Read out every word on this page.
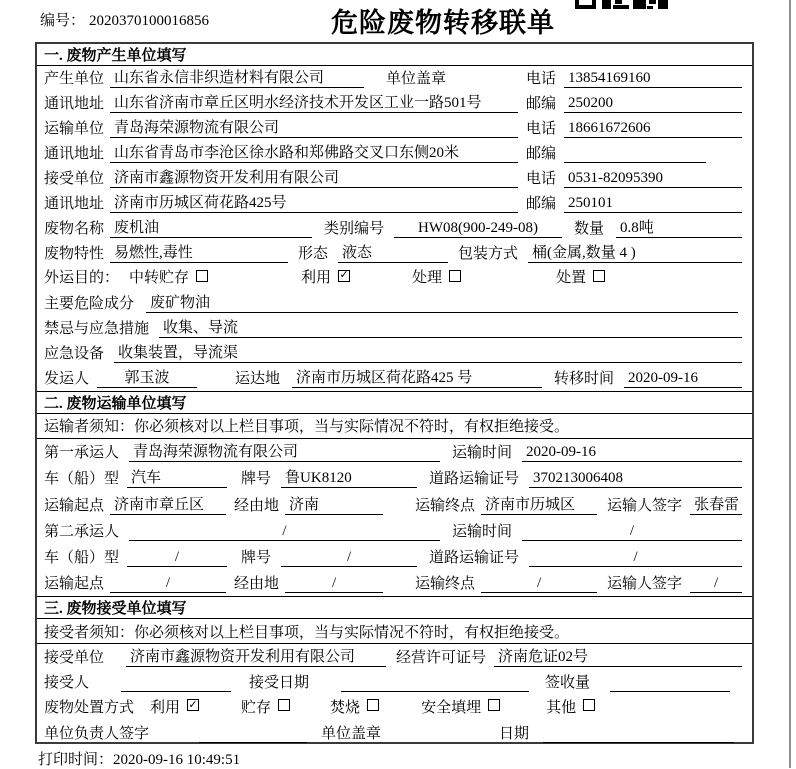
编号： 2020370100016856	危险废物转移联单
一. 废物产生单位填写
产生单位 山东省永信非织造材料有限公司	单位盖章	电话 13854169160
通讯地址 山东省济南市章丘区明水经济技术开发区工业一路501号	邮编 250200
运输单位 青岛海荣源物流有限公司	电话 18661672606
通讯地址 山东省青岛市李沧区徐水路和郑佛路交叉口东侧20米	邮编
接受单位 济南市鑫源物资开发利用有限公司	电话 0531-82095390
通讯地址 济南市历城区荷花路425号	邮编 250101
废物名称 废机油	类别编号	HW08(900-249-08)	数量 0.8吨
废物特性 易燃性,毒性	形态 液态	包装方式 桶(金属,数量 4 )
外运目的： 中转贮存	利用 ✓	处理	处置
主要危险成分 废矿物油
禁忌与应急措施 收集、导流
应急设备 收集装置，导流渠
发运人	郭玉波	运达地 济南市历城区荷花路425 号	转移时间 2020-09-16
二. 废物运输单位填写
运输者须知：你必须核对以上栏目事项，当与实际情况不符时，有权拒绝接受。
第一承运人 青岛海荣源物流有限公司	运输时间 2020-09-16
车（船）型 汽车	牌号 鲁UK8120	道路运输证号 370213006408
运输起点 济南市章丘区	经由地 济南	运输终点 济南市历城区	运输人签字 张春雷
第二承运人	/	运输时间	/
车（船）型	/	牌号	/	道路运输证号	/
运输起点	/	经由地	/	运输终点	/	运输人签字	/
三. 废物接受单位填写
接受者须知：你必须核对以上栏目事项，当与实际情况不符时，有权拒绝接受。
接受单位 济南市鑫源物资开发利用有限公司	经营许可证号 济南危证02号
接受人	接受日期	签收量
废物处置方式 利用 ✓	贮存	焚烧	安全填埋	其他
单位负责人签字	单位盖章	日期
打印时间：2020-09-16 10:49:51
